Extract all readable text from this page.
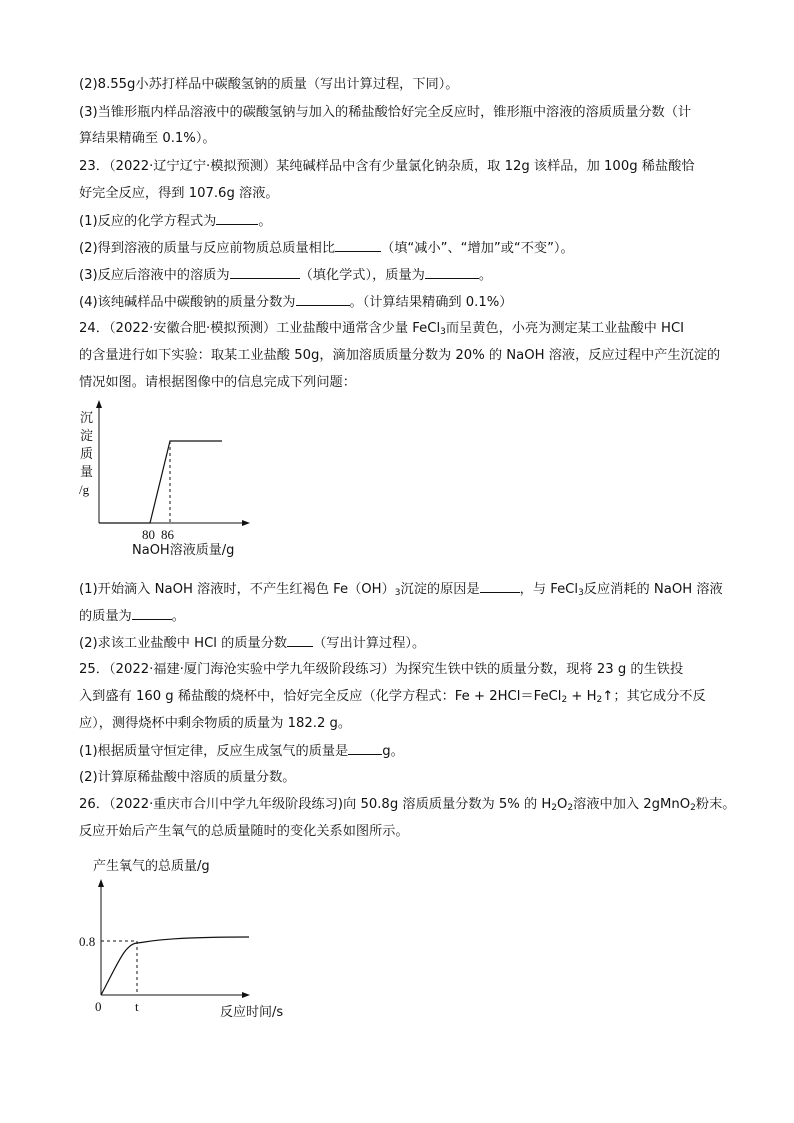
(2)8.55g小苏打样品中碳酸氢钠的质量（写出计算过程，下同）。
(3)当锥形瓶内样品溶液中的碳酸氢钠与加入的稀盐酸恰好完全反应时，锥形瓶中溶液的溶质质量分数（计
算结果精确至 0.1%）。
23．（2022·辽宁辽宁·模拟预测）某纯碱样品中含有少量氯化钠杂质，取 12g 该样品，加 100g 稀盐酸恰
好完全反应，得到 107.6g 溶液。
(1)反应的化学方程式为	。
(2)得到溶液的质量与反应前物质总质量相比	（填“减小”、“增加”或“不变”）。
(3)反应后溶液中的溶质为	（填化学式），质量为	。
(4)该纯碱样品中碳酸钠的质量分数为	。（计算结果精确到 0.1%）
24．（2022·安徽合肥·模拟预测）工业盐酸中通常含少量 FeCl$_3$而呈黄色，小亮为测定某工业盐酸中 HCI
的含量进行如下实验：取某工业盐酸 50g，滴加溶质质量分数为 20% 的 NaOH 溶液，反应过程中产生沉淀的
情况如图。请根据图像中的信息完成下列问题：
沉
淀
质
量
/g
80 86
NaOH溶液质量/g
(1)开始滴入 NaOH 溶液时，不产生红褐色 $Fe(OH)_3$沉淀的原因是	，与 FeCl$_3$反应消耗的 NaOH 溶液
的质量为	。
(2)求该工业盐酸中 HCl 的质量分数 （写出计算过程）。
25．（2022·福建·厦门海沧实验中学九年级阶段练习）为探究生铁中铁的质量分数，现将 23 g 的生铁投
入到盛有 160 g 稀盐酸的烧杯中，恰好完全反应（化学方程式：Fe + 2HCl＝FeCl$_2$ + $H_2↑$；其它成分不反
应），测得烧杯中剩余物质的质量为 182.2 g。
(1)根据质量守恒定律，反应生成氢气的质量是	g。
(2)计算原稀盐酸中溶质的质量分数。
26．（2022·重庆市合川中学九年级阶段练习)向 50.8g 溶质质量分数为 5% 的 $H_2O_2$溶液中加入 2gMnO$_2$粉末。
反应开始后产生氧气的总质量随时的变化关系如图所示。
产生氧气的总质量/g
0.8
0	t	反应时间/s
